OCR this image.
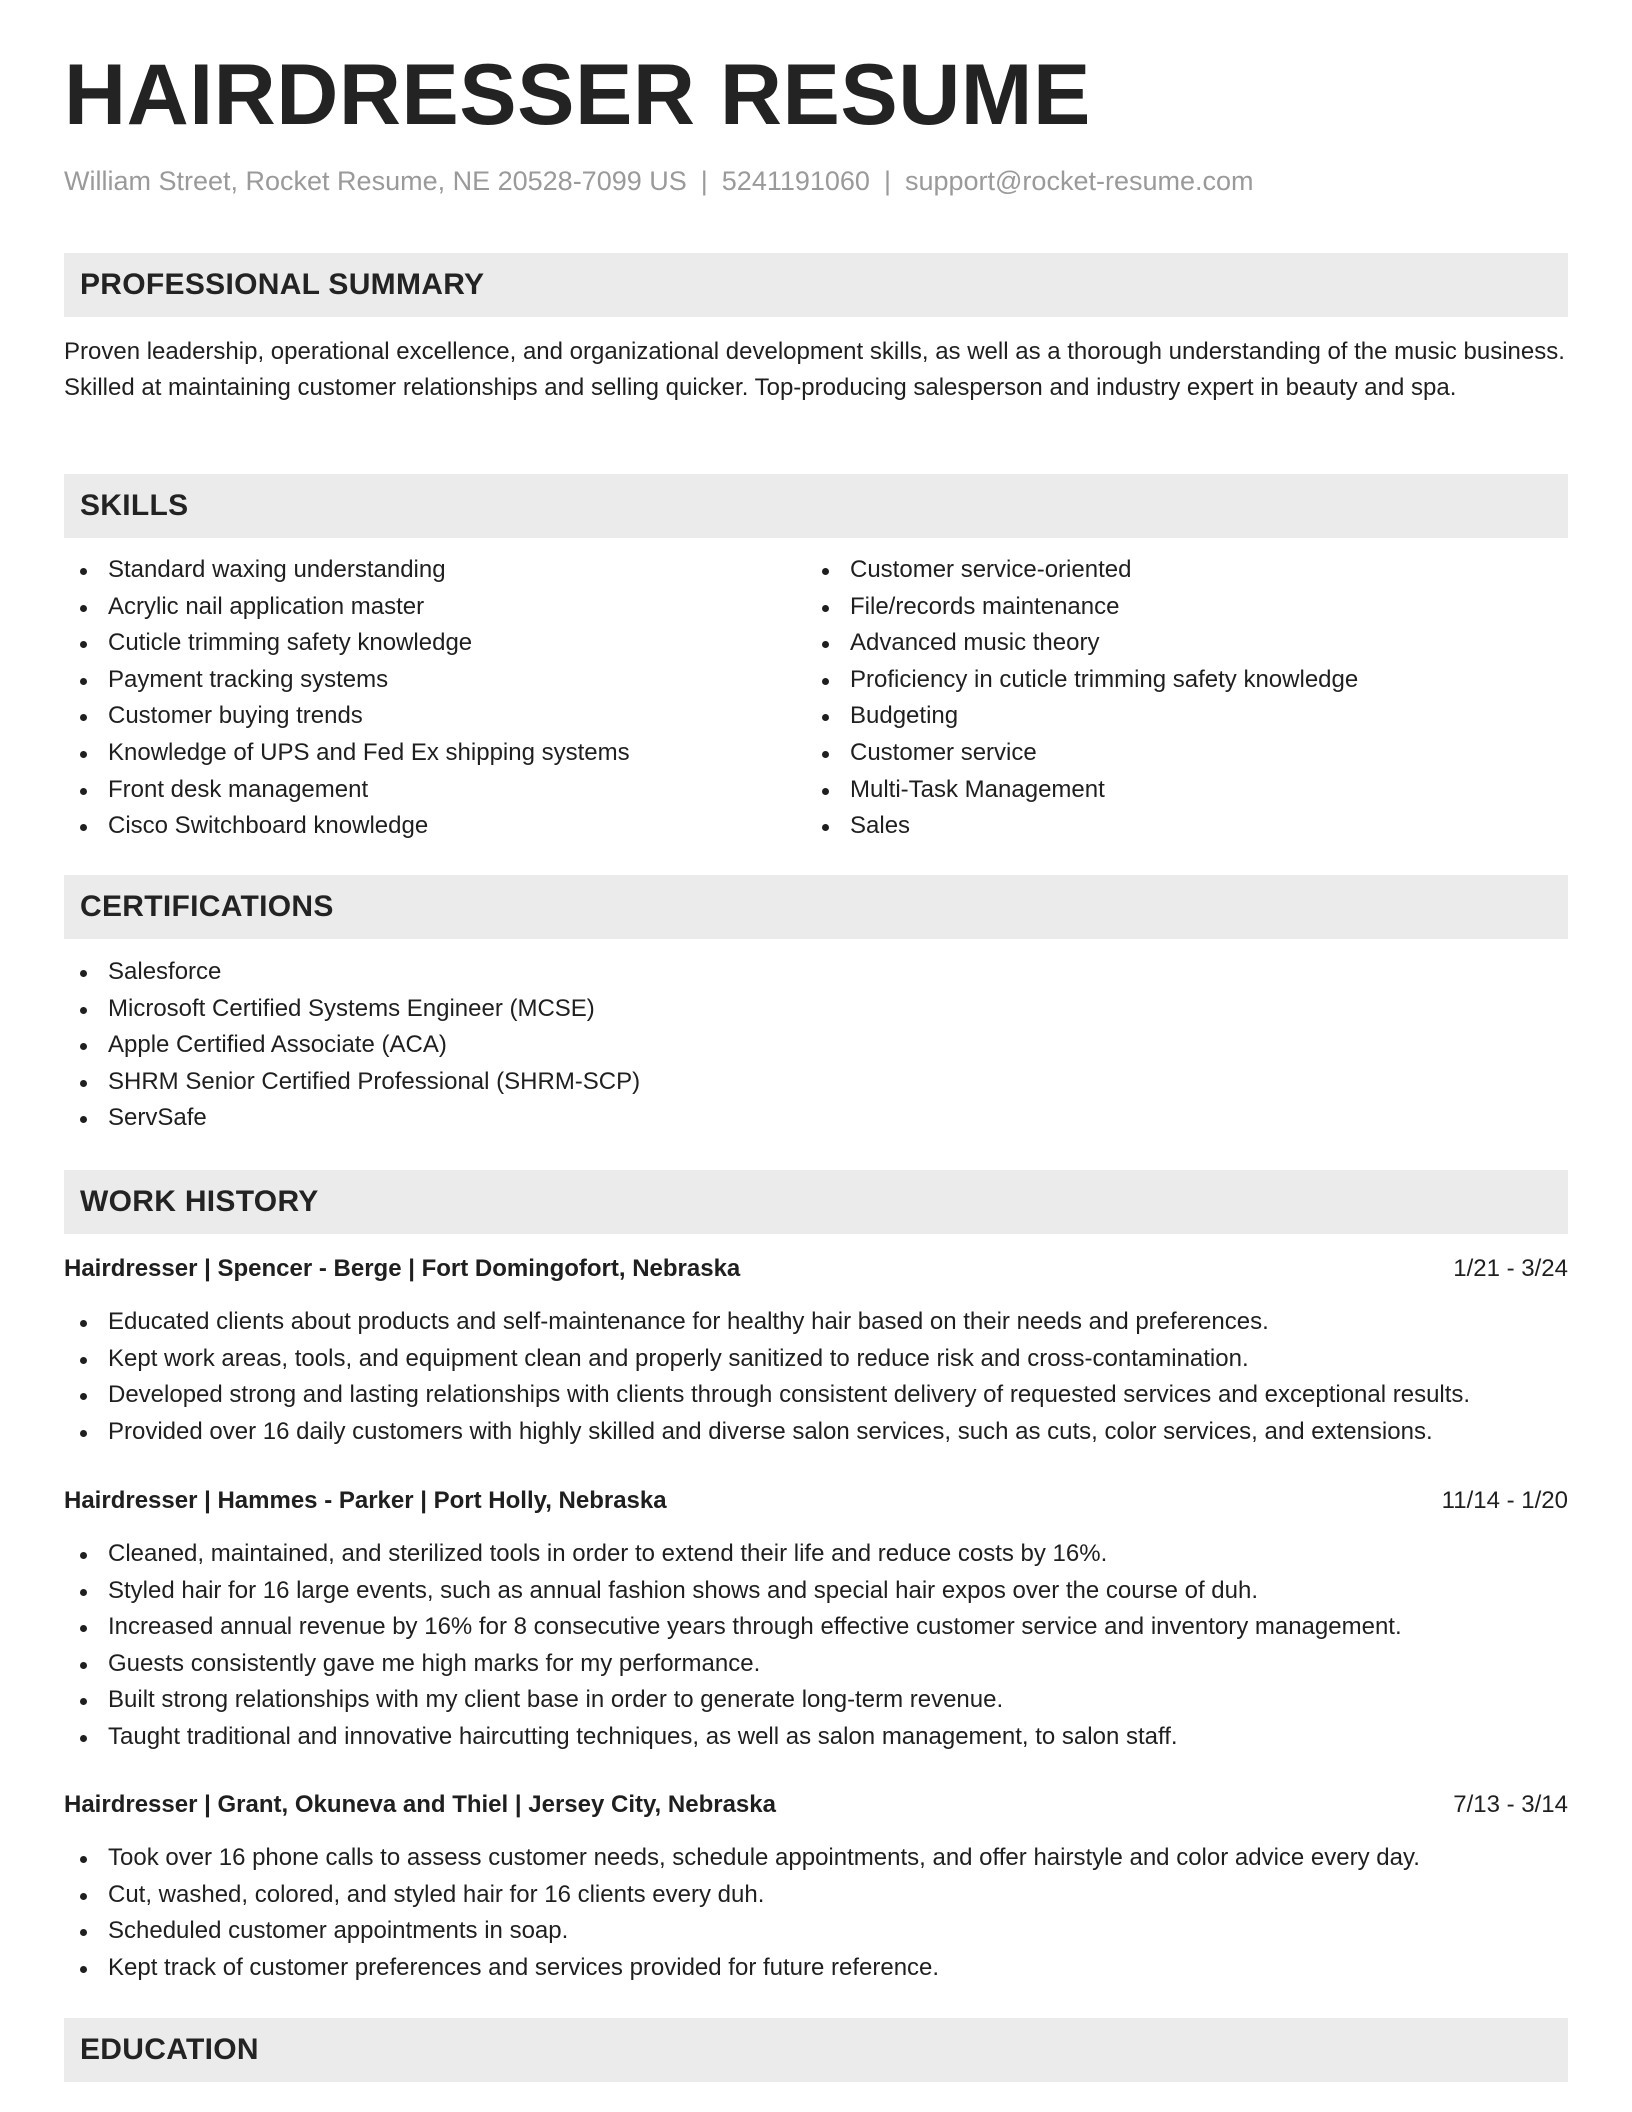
HAIRDRESSER RESUME
William Street, Rocket Resume, NE 20528-7099 US | 5241191060 | support@rocket-resume.com
PROFESSIONAL SUMMARY

Proven leadership, operational excellence, and organizational development skills, as well as a thorough understanding of the music business. Skilled at maintaining customer relationships and selling quicker. Top-producing salesperson and industry expert in beauty and spa.

SKILLS
Standard waxing understanding
Acrylic nail application master
Cuticle trimming safety knowledge
Payment tracking systems
Customer buying trends
Knowledge of UPS and Fed Ex shipping systems
Front desk management
Cisco Switchboard knowledge
Customer service-oriented
File/records maintenance
Advanced music theory
Proficiency in cuticle trimming safety knowledge
Budgeting
Customer service
Multi-Task Management
Sales
CERTIFICATIONS
Salesforce
Microsoft Certified Systems Engineer (MCSE)
Apple Certified Associate (ACA)
SHRM Senior Certified Professional (SHRM-SCP)
ServSafe
WORK HISTORY
Hairdresser | Spencer - Berge | Fort Domingofort, Nebraska	1/21 - 3/24
Educated clients about products and self-maintenance for healthy hair based on their needs and preferences.
Kept work areas, tools, and equipment clean and properly sanitized to reduce risk and cross-contamination.
Developed strong and lasting relationships with clients through consistent delivery of requested services and exceptional results.
Provided over 16 daily customers with highly skilled and diverse salon services, such as cuts, color services, and extensions.
Hairdresser | Hammes - Parker | Port Holly, Nebraska	11/14 - 1/20
Cleaned, maintained, and sterilized tools in order to extend their life and reduce costs by 16%.
Styled hair for 16 large events, such as annual fashion shows and special hair expos over the course of duh.
Increased annual revenue by 16% for 8 consecutive years through effective customer service and inventory management.
Guests consistently gave me high marks for my performance.
Built strong relationships with my client base in order to generate long-term revenue.
Taught traditional and innovative haircutting techniques, as well as salon management, to salon staff.
Hairdresser | Grant, Okuneva and Thiel | Jersey City, Nebraska	7/13 - 3/14
Took over 16 phone calls to assess customer needs, schedule appointments, and offer hairstyle and color advice every day.
Cut, washed, colored, and styled hair for 16 clients every duh.
Scheduled customer appointments in soap.
Kept track of customer preferences and services provided for future reference.
EDUCATION
